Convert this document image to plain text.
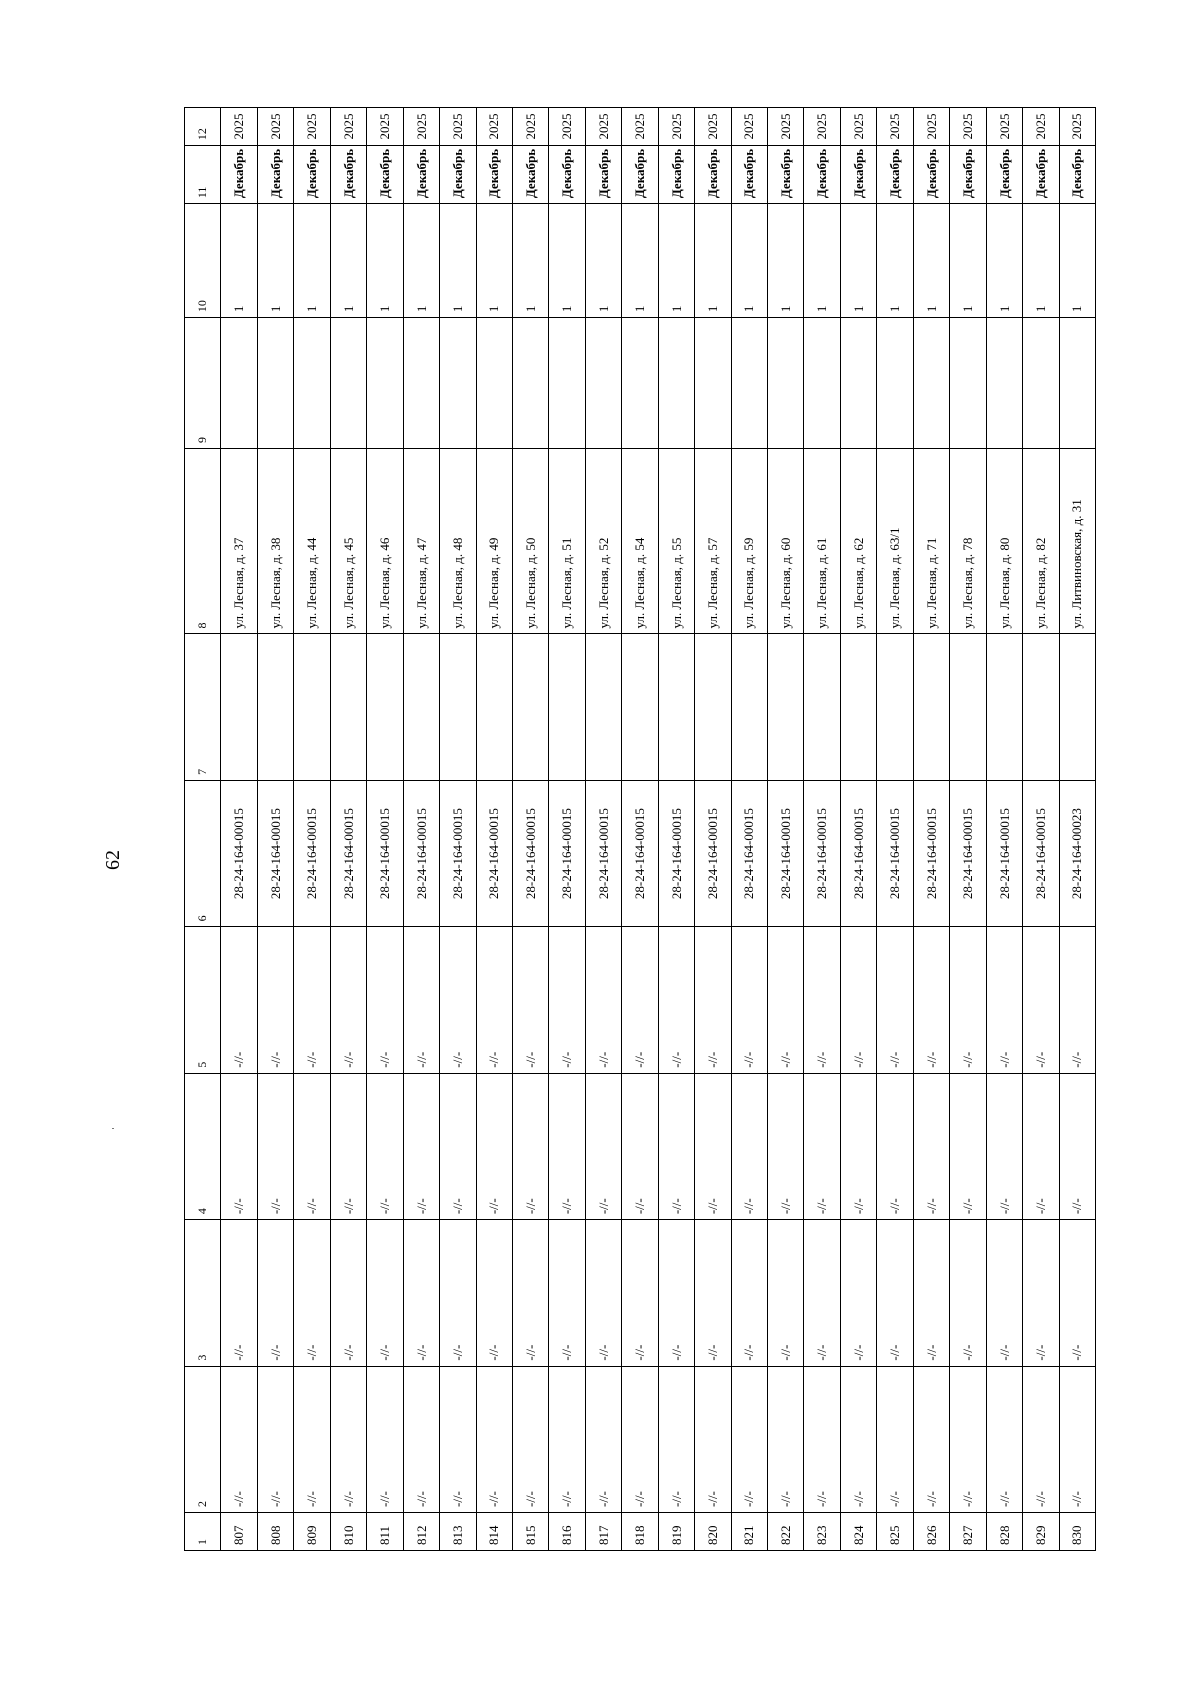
62
1	2	3	4	5	6	7	8	9	10	11	12
807	-//-	-//-	-//-	-//-	28-24-164-00015		ул. Лесная, д. 37		1	Декабрь	2025
808	-//-	-//-	-//-	-//-	28-24-164-00015		ул. Лесная, д. 38		1	Декабрь	2025
809	-//-	-//-	-//-	-//-	28-24-164-00015		ул. Лесная, д. 44		1	Декабрь	2025
810	-//-	-//-	-//-	-//-	28-24-164-00015		ул. Лесная, д. 45		1	Декабрь	2025
811	-//-	-//-	-//-	-//-	28-24-164-00015		ул. Лесная, д. 46		1	Декабрь	2025
812	-//-	-//-	-//-	-//-	28-24-164-00015		ул. Лесная, д. 47		1	Декабрь	2025
813	-//-	-//-	-//-	-//-	28-24-164-00015		ул. Лесная, д. 48		1	Декабрь	2025
814	-//-	-//-	-//-	-//-	28-24-164-00015		ул. Лесная, д. 49		1	Декабрь	2025
815	-//-	-//-	-//-	-//-	28-24-164-00015		ул. Лесная, д. 50		1	Декабрь	2025
816	-//-	-//-	-//-	-//-	28-24-164-00015		ул. Лесная, д. 51		1	Декабрь	2025
817	-//-	-//-	-//-	-//-	28-24-164-00015		ул. Лесная, д. 52		1	Декабрь	2025
818	-//-	-//-	-//-	-//-	28-24-164-00015		ул. Лесная, д. 54		1	Декабрь	2025
819	-//-	-//-	-//-	-//-	28-24-164-00015		ул. Лесная, д. 55		1	Декабрь	2025
820	-//-	-//-	-//-	-//-	28-24-164-00015		ул. Лесная, д. 57		1	Декабрь	2025
821	-//-	-//-	-//-	-//-	28-24-164-00015		ул. Лесная, д. 59		1	Декабрь	2025
822	-//-	-//-	-//-	-//-	28-24-164-00015		ул. Лесная, д. 60		1	Декабрь	2025
823	-//-	-//-	-//-	-//-	28-24-164-00015		ул. Лесная, д. 61		1	Декабрь	2025
824	-//-	-//-	-//-	-//-	28-24-164-00015		ул. Лесная, д. 62		1	Декабрь	2025
825	-//-	-//-	-//-	-//-	28-24-164-00015		ул. Лесная, д. 63/1		1	Декабрь	2025
826	-//-	-//-	-//-	-//-	28-24-164-00015		ул. Лесная, д. 71		1	Декабрь	2025
827	-//-	-//-	-//-	-//-	28-24-164-00015		ул. Лесная, д. 78		1	Декабрь	2025
828	-//-	-//-	-//-	-//-	28-24-164-00015		ул. Лесная, д. 80		1	Декабрь	2025
829	-//-	-//-	-//-	-//-	28-24-164-00015		ул. Лесная, д. 82		1	Декабрь	2025
830	-//-	-//-	-//-	-//-	28-24-164-00023		ул. Литвиновская, д. 31		1	Декабрь	2025
